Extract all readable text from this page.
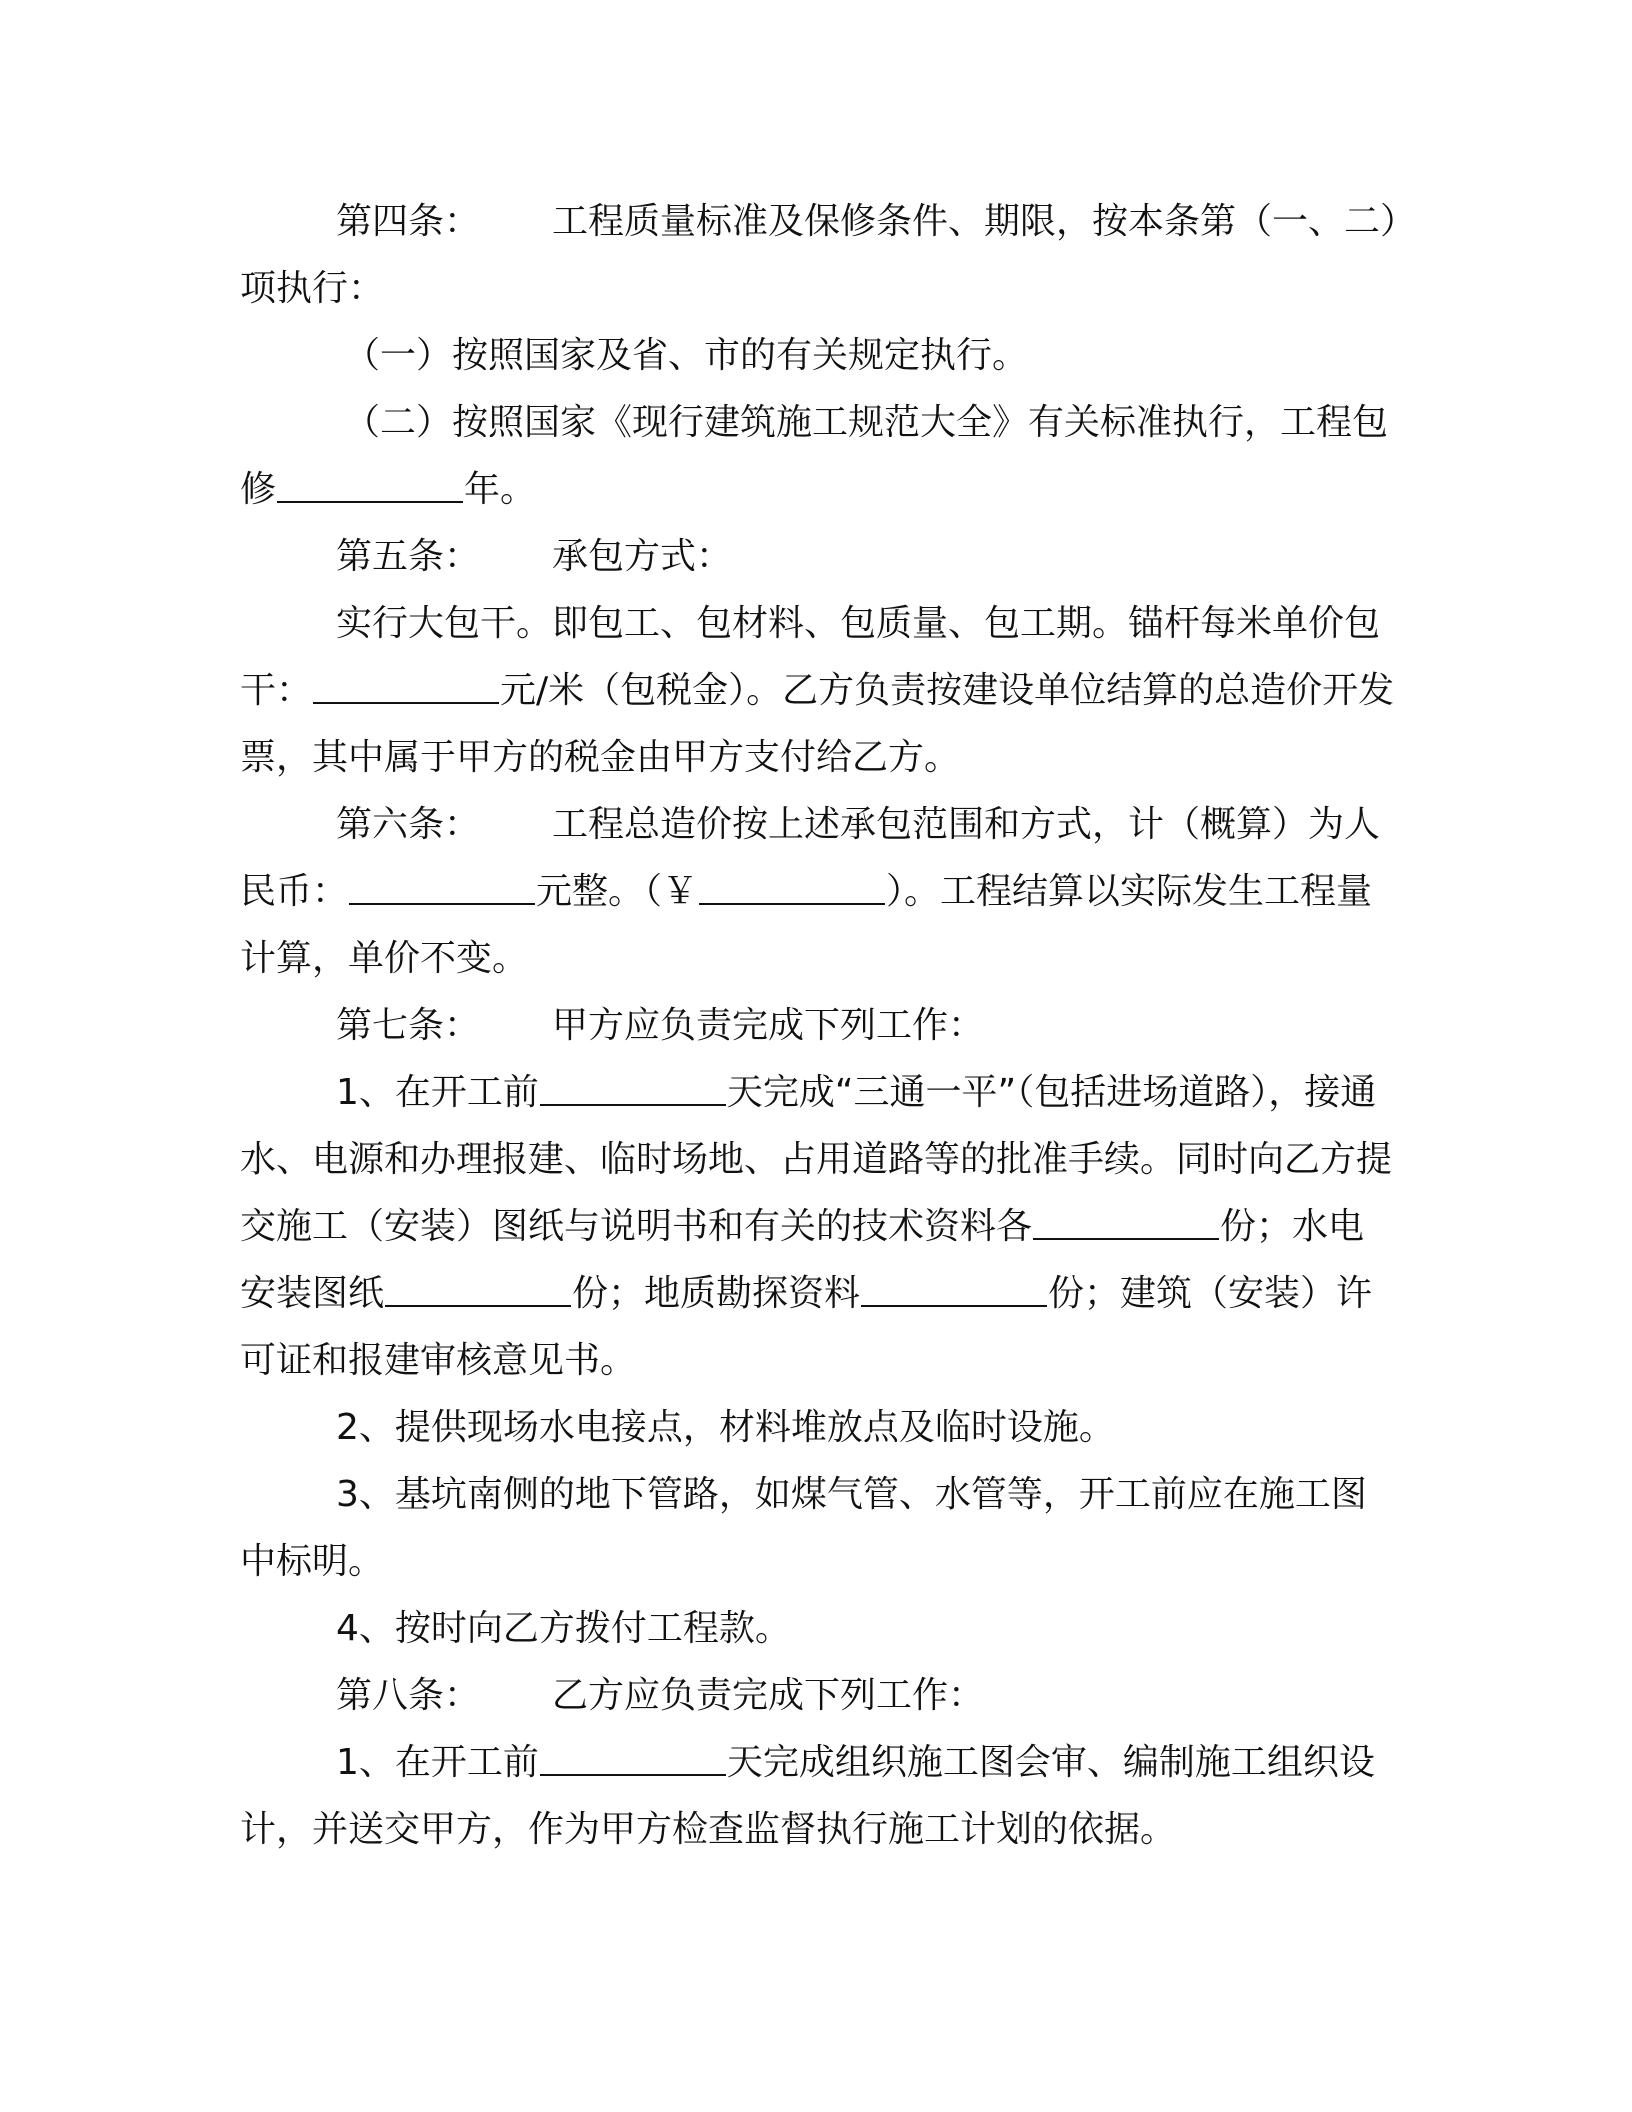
第四条： 工程质量标准及保修条件、期限，按本条第（一、二）项执行：

（一）按照国家及省、市的有关规定执行。

（二）按照国家《现行建筑施工规范大全》有关标准执行，工程包修	年。

第五条： 承包方式：

实行大包干。即包工、包材料、包质量、包工期。锚杆每米单价包干：	元/米（包税金）。乙方负责按建设单位结算的总造价开发票，其中属于甲方的税金由甲方支付给乙方。

第六条： 工程总造价按上述承包范围和方式，计（概算）为人民币：	元整。（￥	）。工程结算以实际发生工程量计算，单价不变。

第七条： 甲方应负责完成下列工作：

1、在开工前	天完成“三通一平”（包括进场道路），接通水、电源和办理报建、临时场地、占用道路等的批准手续。同时向乙方提交施工（安装）图纸与说明书和有关的技术资料各	份；水电安装图纸	份；地质勘探资料	份；建筑（安装）许可证和报建审核意见书。

2、提供现场水电接点，材料堆放点及临时设施。

3、基坑南侧的地下管路，如煤气管、水管等，开工前应在施工图中标明。

4、按时向乙方拨付工程款。

第八条： 乙方应负责完成下列工作：

1、在开工前	天完成组织施工图会审、编制施工组织设计，并送交甲方，作为甲方检查监督执行施工计划的依据。
